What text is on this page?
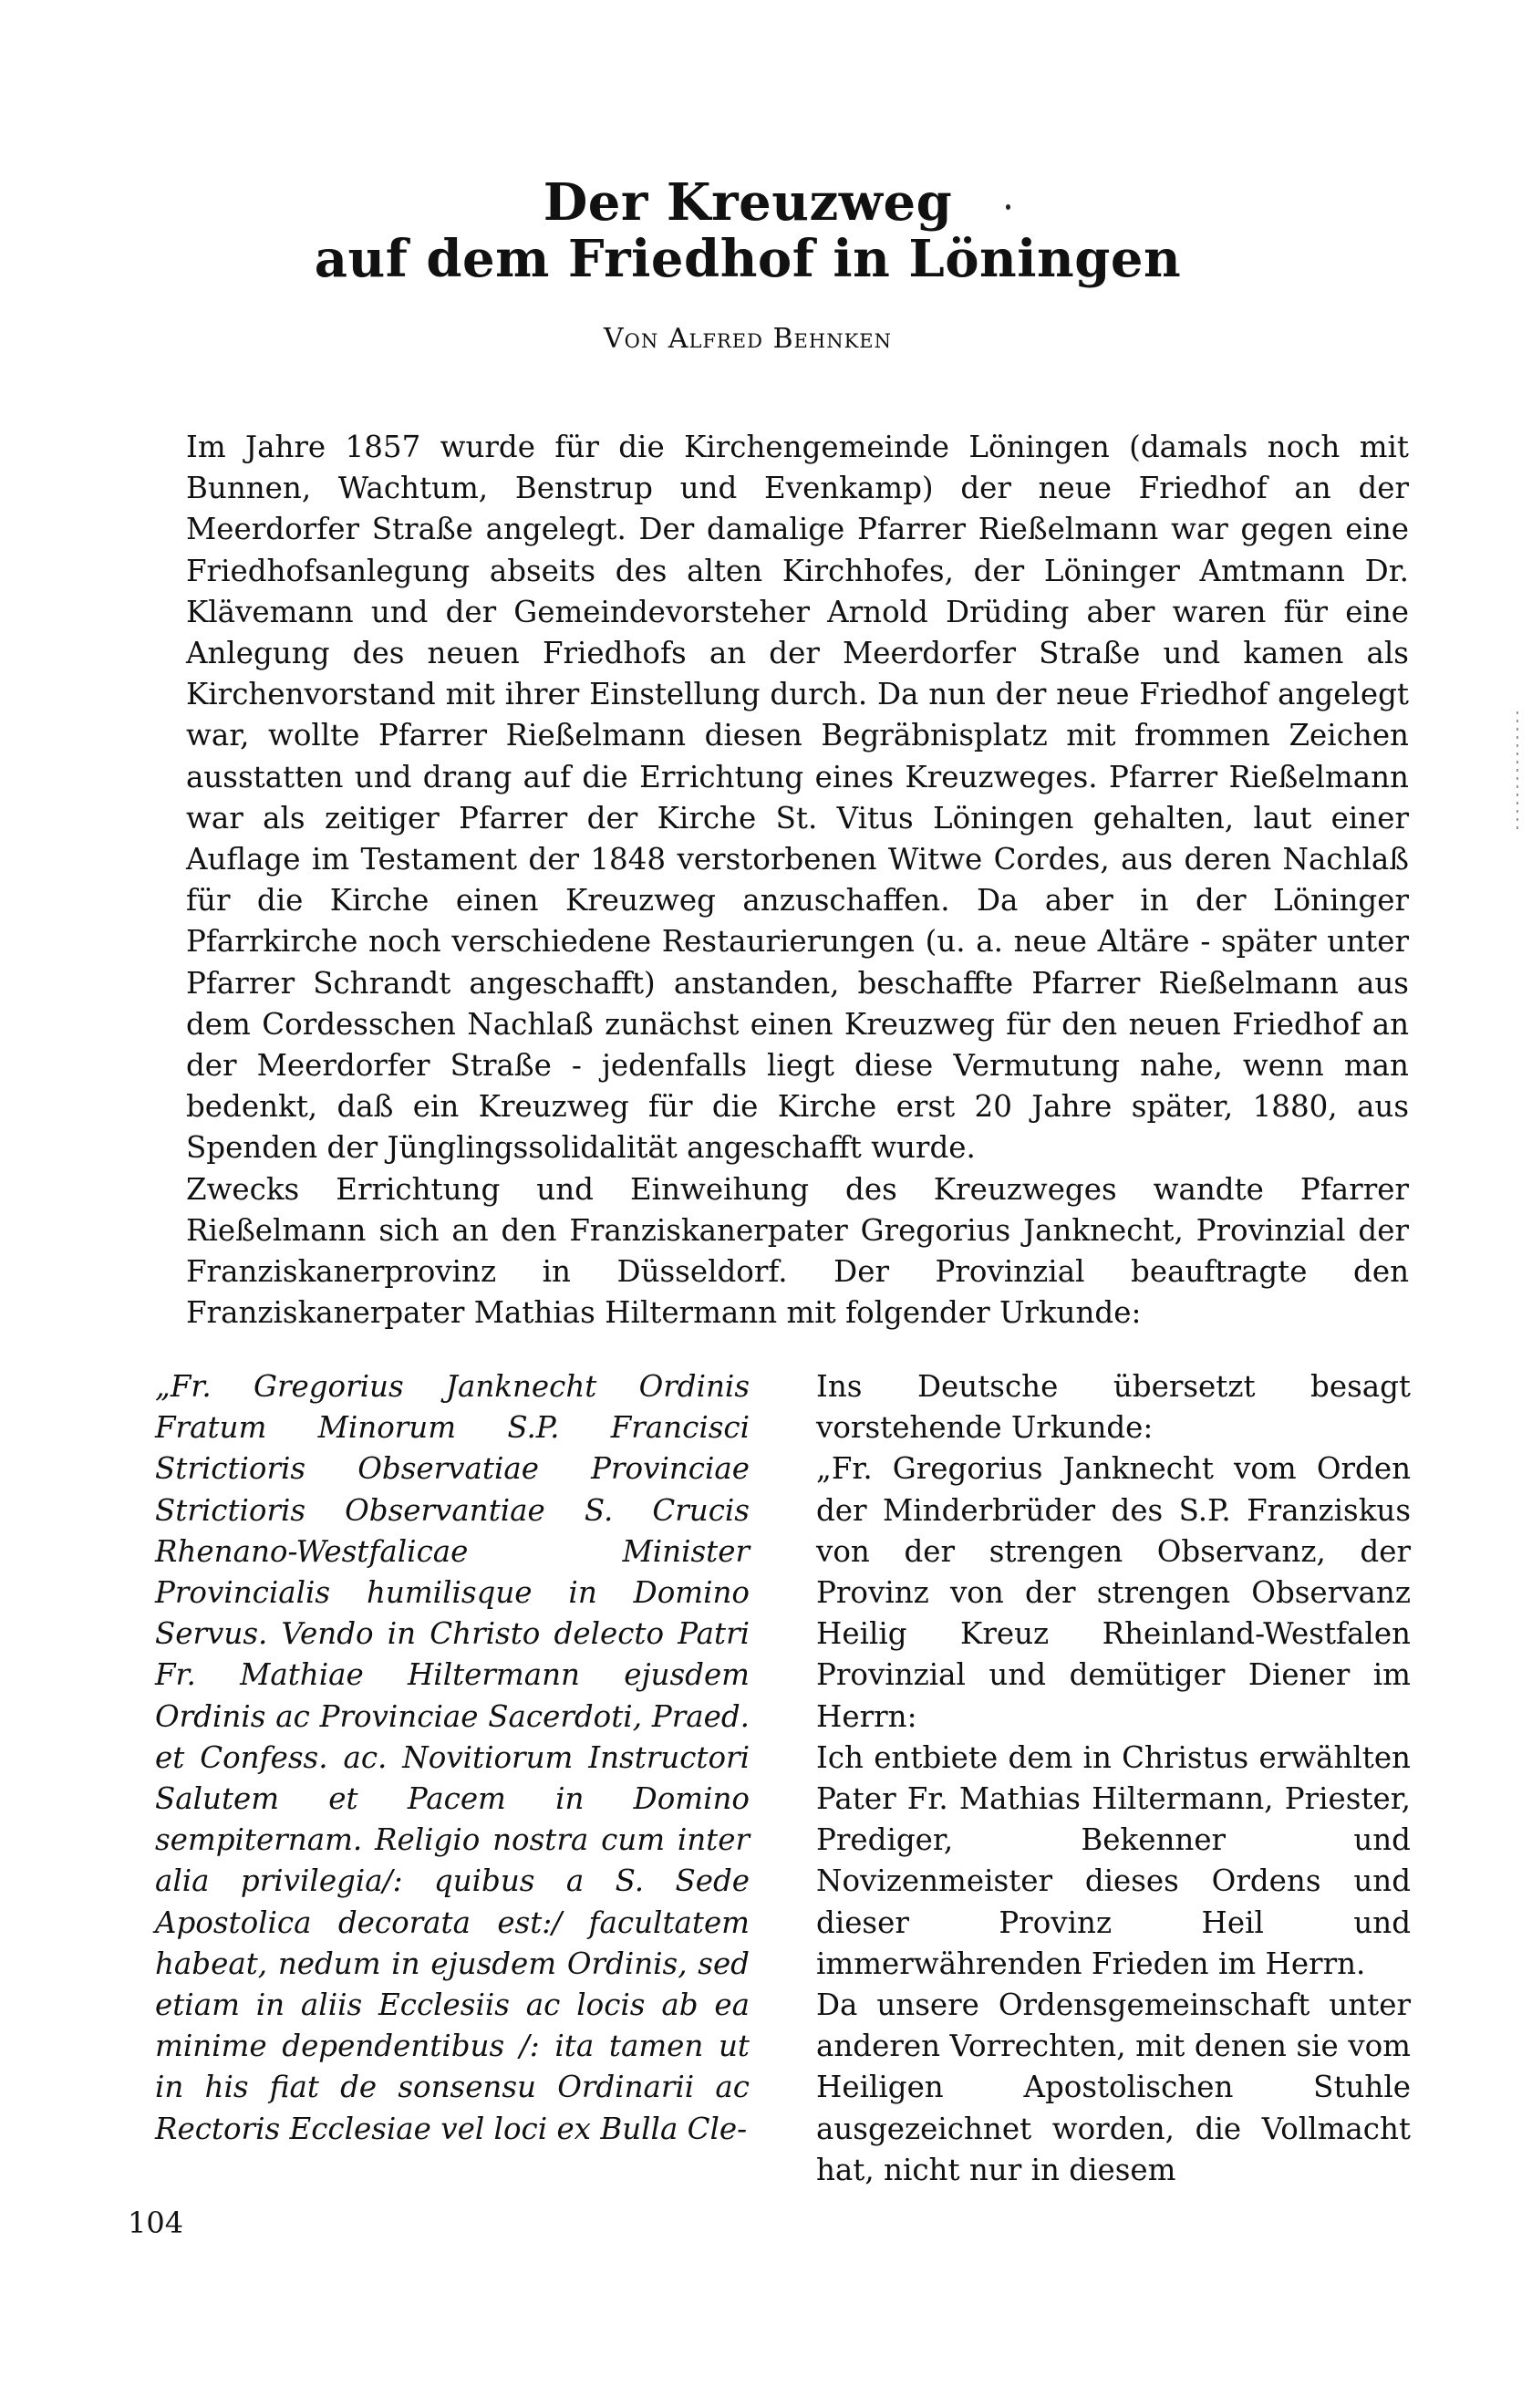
Der Kreuzweg
auf dem Friedhof in Löningen

Von Alfred Behnken

Im Jahre 1857 wurde für die Kirchengemeinde Löningen (damals noch mit Bunnen, Wachtum, Benstrup und Evenkamp) der neue Friedhof an der Meerdorfer Straße angelegt. Der damalige Pfarrer Rießelmann war gegen eine Friedhofsanlegung abseits des alten Kirchhofes, der Löninger Amtmann Dr. Klävemann und der Gemeindevorsteher Arnold Drüding aber waren für eine Anlegung des neuen Friedhofs an der Meerdorfer Straße und kamen als Kirchenvorstand mit ihrer Einstellung durch. Da nun der neue Friedhof angelegt war, wollte Pfarrer Rießelmann diesen Begräbnisplatz mit frommen Zeichen ausstatten und drang auf die Errichtung eines Kreuzweges. Pfarrer Rießelmann war als zeitiger Pfarrer der Kirche St. Vitus Löningen gehalten, laut einer Auflage im Testament der 1848 verstorbenen Witwe Cordes, aus deren Nachlaß für die Kirche einen Kreuzweg anzuschaffen. Da aber in der Löninger Pfarrkirche noch verschiedene Restaurierungen (u. a. neue Altäre - später unter Pfarrer Schrandt angeschafft) anstanden, beschaffte Pfarrer Rießelmann aus dem Cordesschen Nachlaß zunächst einen Kreuzweg für den neuen Friedhof an der Meerdorfer Straße - jedenfalls liegt diese Vermutung nahe, wenn man bedenkt, daß ein Kreuzweg für die Kirche erst 20 Jahre später, 1880, aus Spenden der Jünglingssolidalität angeschafft wurde.

Zwecks Errichtung und Einweihung des Kreuzweges wandte Pfarrer Rießelmann sich an den Franziskanerpater Gregorius Janknecht, Provinzial der Franziskanerprovinz in Düsseldorf. Der Provinzial beauftragte den Franziskanerpater Mathias Hiltermann mit folgender Urkunde:

„Fr. Gregorius Janknecht Ordinis Fratum Minorum S.P. Francisci Strictioris Observatiae Provinciae Strictioris Observantiae S. Crucis Rhenano-Westfalicae Minister Provincialis humilisque in Domino Servus. Vendo in Christo delecto Patri Fr. Mathiae Hiltermann ejusdem Ordinis ac Provinciae Sacerdoti, Praed. et Confess. ac. Novitiorum Instructori Salutem et Pacem in Domino sempiternam. Religio nostra cum inter alia privilegia/: quibus a S. Sede Apostolica decorata est:/ facultatem habeat, nedum in ejusdem Ordinis, sed etiam in aliis Ecclesiis ac locis ab ea minime dependentibus /: ita tamen ut in his fiat de sonsensu Ordinarii ac Rectoris Ecclesiae vel loci ex Bulla Cle-

Ins Deutsche übersetzt besagt vorstehende Urkunde:

„Fr. Gregorius Janknecht vom Orden der Minderbrüder des S.P. Franziskus von der strengen Observanz, der Provinz von der strengen Observanz Heilig Kreuz Rheinland-Westfalen Provinzial und demütiger Diener im Herrn:

Ich entbiete dem in Christus erwählten Pater Fr. Mathias Hiltermann, Priester, Prediger, Bekenner und Novizenmeister dieses Ordens und dieser Provinz Heil und immerwährenden Frieden im Herrn.

Da unsere Ordensgemeinschaft unter anderen Vorrechten, mit denen sie vom Heiligen Apostolischen Stuhle ausgezeichnet worden, die Vollmacht hat, nicht nur in diesem

104
